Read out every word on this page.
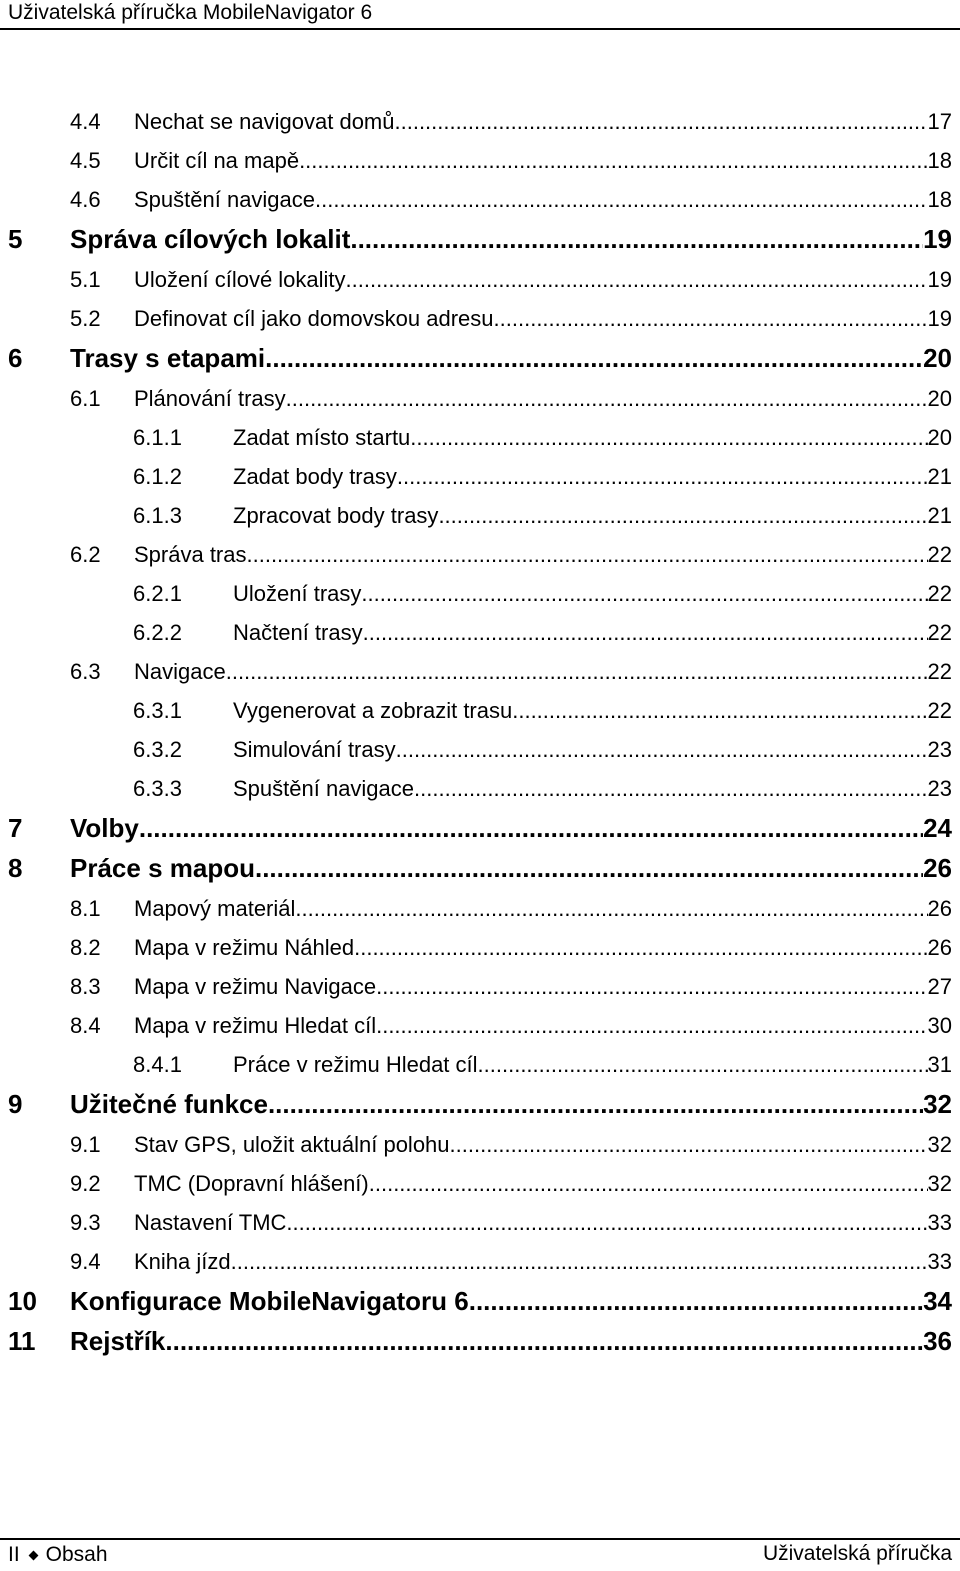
Uživatelská příručka MobileNavigator 6
4.4	Nechat se navigovat domů .....	17
4.5	Určit cíl na mapě .....	18
4.6	Spuštění navigace .....	18
5	Správa cílových lokalit .....	19
5.1	Uložení cílové lokality .....	19
5.2	Definovat cíl jako domovskou adresu .....	19
6	Trasy s etapami .....	20
6.1	Plánování trasy .....	20
6.1.1	Zadat místo startu .....	20
6.1.2	Zadat body trasy .....	21
6.1.3	Zpracovat body trasy .....	21
6.2	Správa tras .....	22
6.2.1	Uložení trasy .....	22
6.2.2	Načtení trasy .....	22
6.3	Navigace .....	22
6.3.1	Vygenerovat a zobrazit trasu .....	22
6.3.2	Simulování trasy .....	23
6.3.3	Spuštění navigace .....	23
7	Volby .....	24
8	Práce s mapou .....	26
8.1	Mapový materiál .....	26
8.2	Mapa v režimu Náhled .....	26
8.3	Mapa v režimu Navigace .....	27
8.4	Mapa v režimu Hledat cíl .....	30
8.4.1	Práce v režimu Hledat cíl .....	31
9	Užitečné funkce .....	32
9.1	Stav GPS, uložit aktuální polohu .....	32
9.2	TMC (Dopravní hlášení) .....	32
9.3	Nastavení TMC .....	33
9.4	Kniha jízd .....	33
10	Konfigurace MobileNavigatoru 6 .....	34
11	Rejstřík .....	36
II Obsah	Uživatelská příručka
